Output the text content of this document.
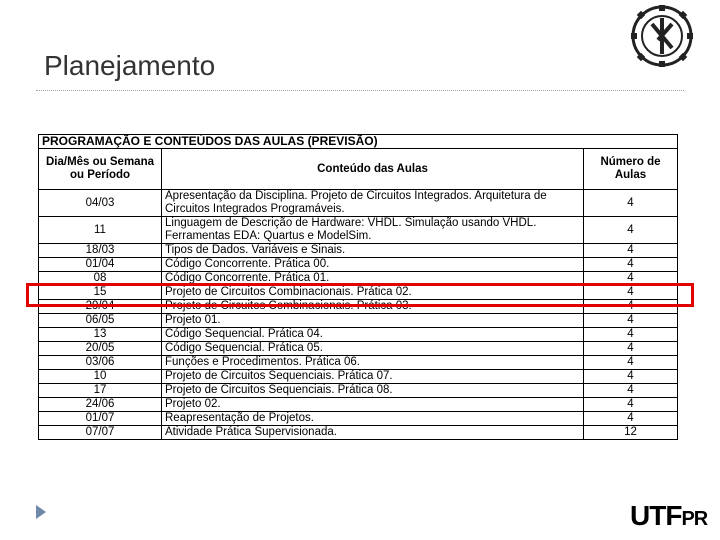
Planejamento
PROGRAMAÇÃO E CONTEÚDOS DAS AULAS (PREVISÃO)		
Dia/Mês ou Semana ou Período	Conteúdo das Aulas	Número de Aulas
04/03	Apresentação da Disciplina. Projeto de Circuitos Integrados. Arquitetura de Circuitos Integrados Programáveis.	4
11	Linguagem de Descrição de Hardware: VHDL. Simulação usando VHDL. Ferramentas EDA: Quartus e ModelSim.	4
18/03	Tipos de Dados. Variáveis e Sinais.	4
01/04	Código Concorrente. Prática 00.	4
08	Código Concorrente. Prática 01.	4
15	Projeto de Circuitos Combinacionais. Prática 02.	4
29/04	Projeto de Circuitos Combinacionais. Prática 03.	4
06/05	Projeto 01.	4
13	Código Sequencial. Prática 04.	4
20/05	Código Sequencial. Prática 05.	4
03/06	Funções e Procedimentos. Prática 06.	4
10	Projeto de Circuitos Sequenciais. Prática 07.	4
17	Projeto de Circuitos Sequenciais. Prática 08.	4
24/06	Projeto 02.	4
01/07	Reapresentação de Projetos.	4
07/07	Atividade Prática Supervisionada.	12
UTFPR
